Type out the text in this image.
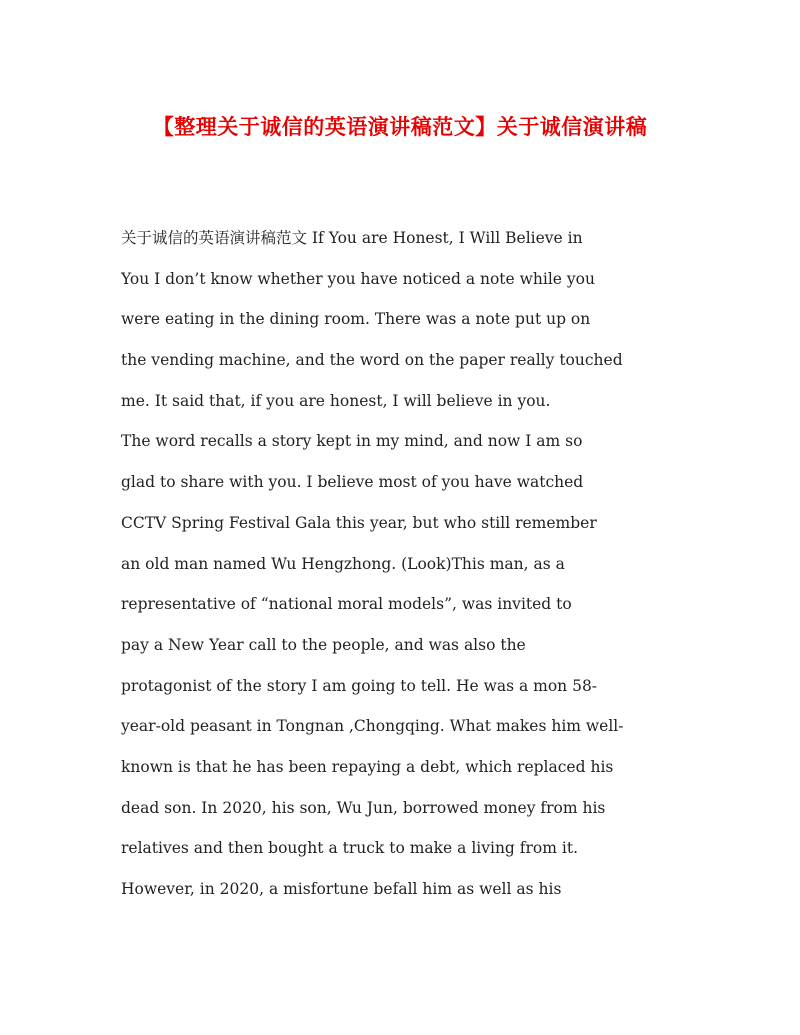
【整理关于诚信的英语演讲稿范文】关于诚信演讲稿
关于诚信的英语演讲稿范文 If You are Honest, I Will Believe in
You I don’t know whether you have noticed a note while you
were eating in the dining room. There was a note put up on
the vending machine, and the word on the paper really touched
me. It said that, if you are honest, I will believe in you.
The word recalls a story kept in my mind, and now I am so
glad to share with you. I believe most of you have watched
CCTV Spring Festival Gala this year, but who still remember
an old man named Wu Hengzhong. (Look)This man, as a
representative of “national moral models”, was invited to
pay a New Year call to the people, and was also the
protagonist of the story I am going to tell. He was a mon 58-
year-old peasant in Tongnan ,Chongqing. What makes him well-
known is that he has been repaying a debt, which replaced his
dead son. In 2020, his son, Wu Jun, borrowed money from his
relatives and then bought a truck to make a living from it.
However, in 2020, a misfortune befall him as well as his
